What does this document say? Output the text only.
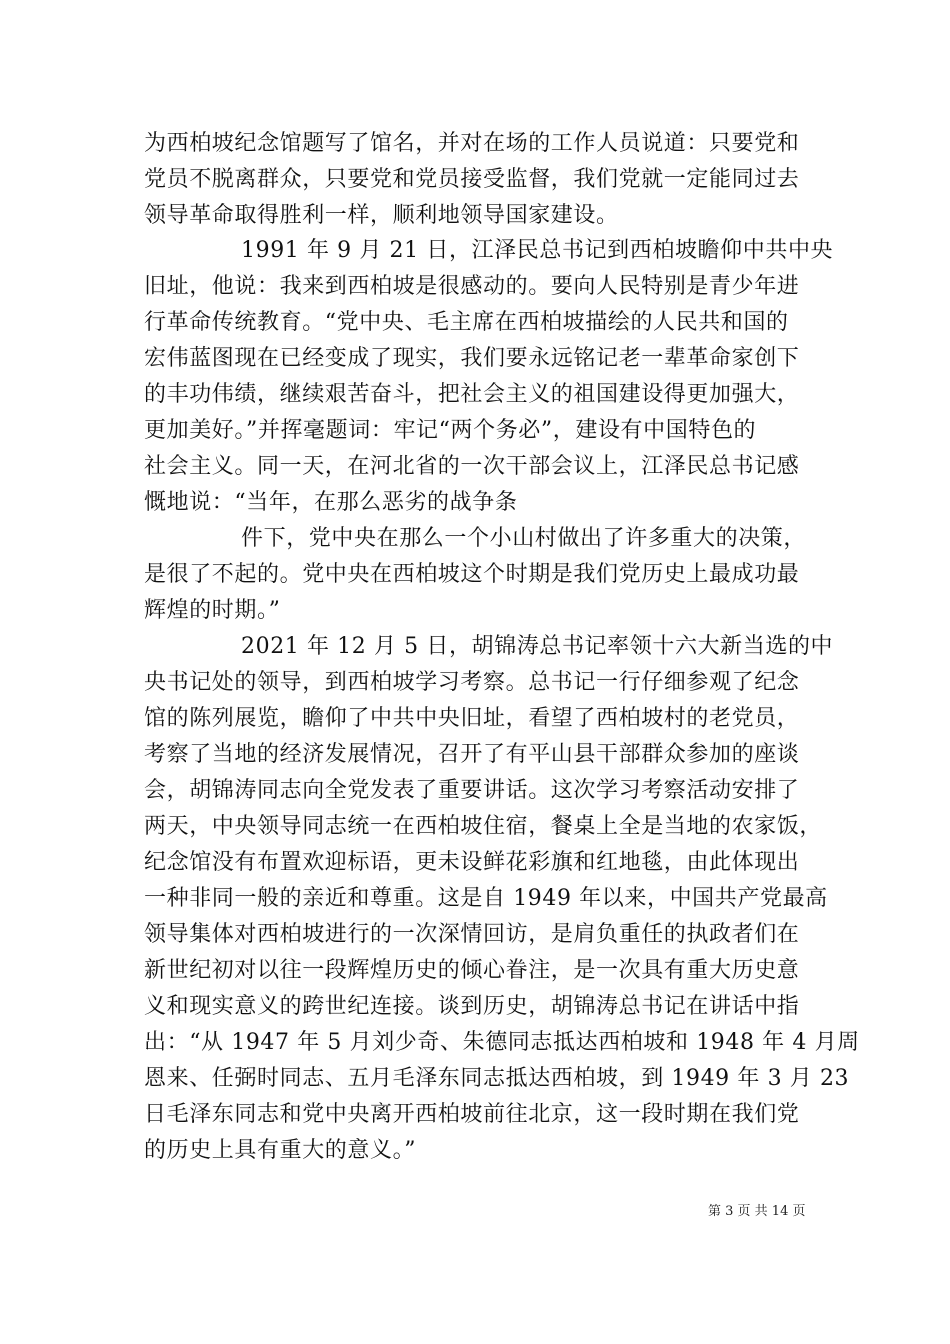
为西柏坡纪念馆题写了馆名，并对在场的工作人员说道：只要党和
党员不脱离群众，只要党和党员接受监督，我们党就一定能同过去
领导革命取得胜利一样，顺利地领导国家建设。
1991 年 9 月 21 日，江泽民总书记到西柏坡瞻仰中共中央
旧址，他说：我来到西柏坡是很感动的。要向人民特别是青少年进
行革命传统教育。“党中央、毛主席在西柏坡描绘的人民共和国的
宏伟蓝图现在已经变成了现实，我们要永远铭记老一辈革命家创下
的丰功伟绩，继续艰苦奋斗，把社会主义的祖国建设得更加强大，
更加美好。”并挥毫题词：牢记“两个务必”，建设有中国特色的
社会主义。同一天，在河北省的一次干部会议上，江泽民总书记感
慨地说：“当年，在那么恶劣的战争条
件下，党中央在那么一个小山村做出了许多重大的决策，
是很了不起的。党中央在西柏坡这个时期是我们党历史上最成功最
辉煌的时期。”
2021 年 12 月 5 日，胡锦涛总书记率领十六大新当选的中
央书记处的领导，到西柏坡学习考察。总书记一行仔细参观了纪念
馆的陈列展览，瞻仰了中共中央旧址，看望了西柏坡村的老党员，
考察了当地的经济发展情况，召开了有平山县干部群众参加的座谈
会，胡锦涛同志向全党发表了重要讲话。这次学习考察活动安排了
两天，中央领导同志统一在西柏坡住宿，餐桌上全是当地的农家饭，
纪念馆没有布置欢迎标语，更未设鲜花彩旗和红地毯，由此体现出
一种非同一般的亲近和尊重。这是自 1949 年以来，中国共产党最高
领导集体对西柏坡进行的一次深情回访，是肩负重任的执政者们在
新世纪初对以往一段辉煌历史的倾心眷注，是一次具有重大历史意
义和现实意义的跨世纪连接。谈到历史，胡锦涛总书记在讲话中指
出：“从 1947 年 5 月刘少奇、朱德同志抵达西柏坡和 1948 年 4 月周
恩来、任弼时同志、五月毛泽东同志抵达西柏坡，到 1949 年 3 月 23
日毛泽东同志和党中央离开西柏坡前往北京，这一段时期在我们党
的历史上具有重大的意义。”
第 3 页 共 14 页
